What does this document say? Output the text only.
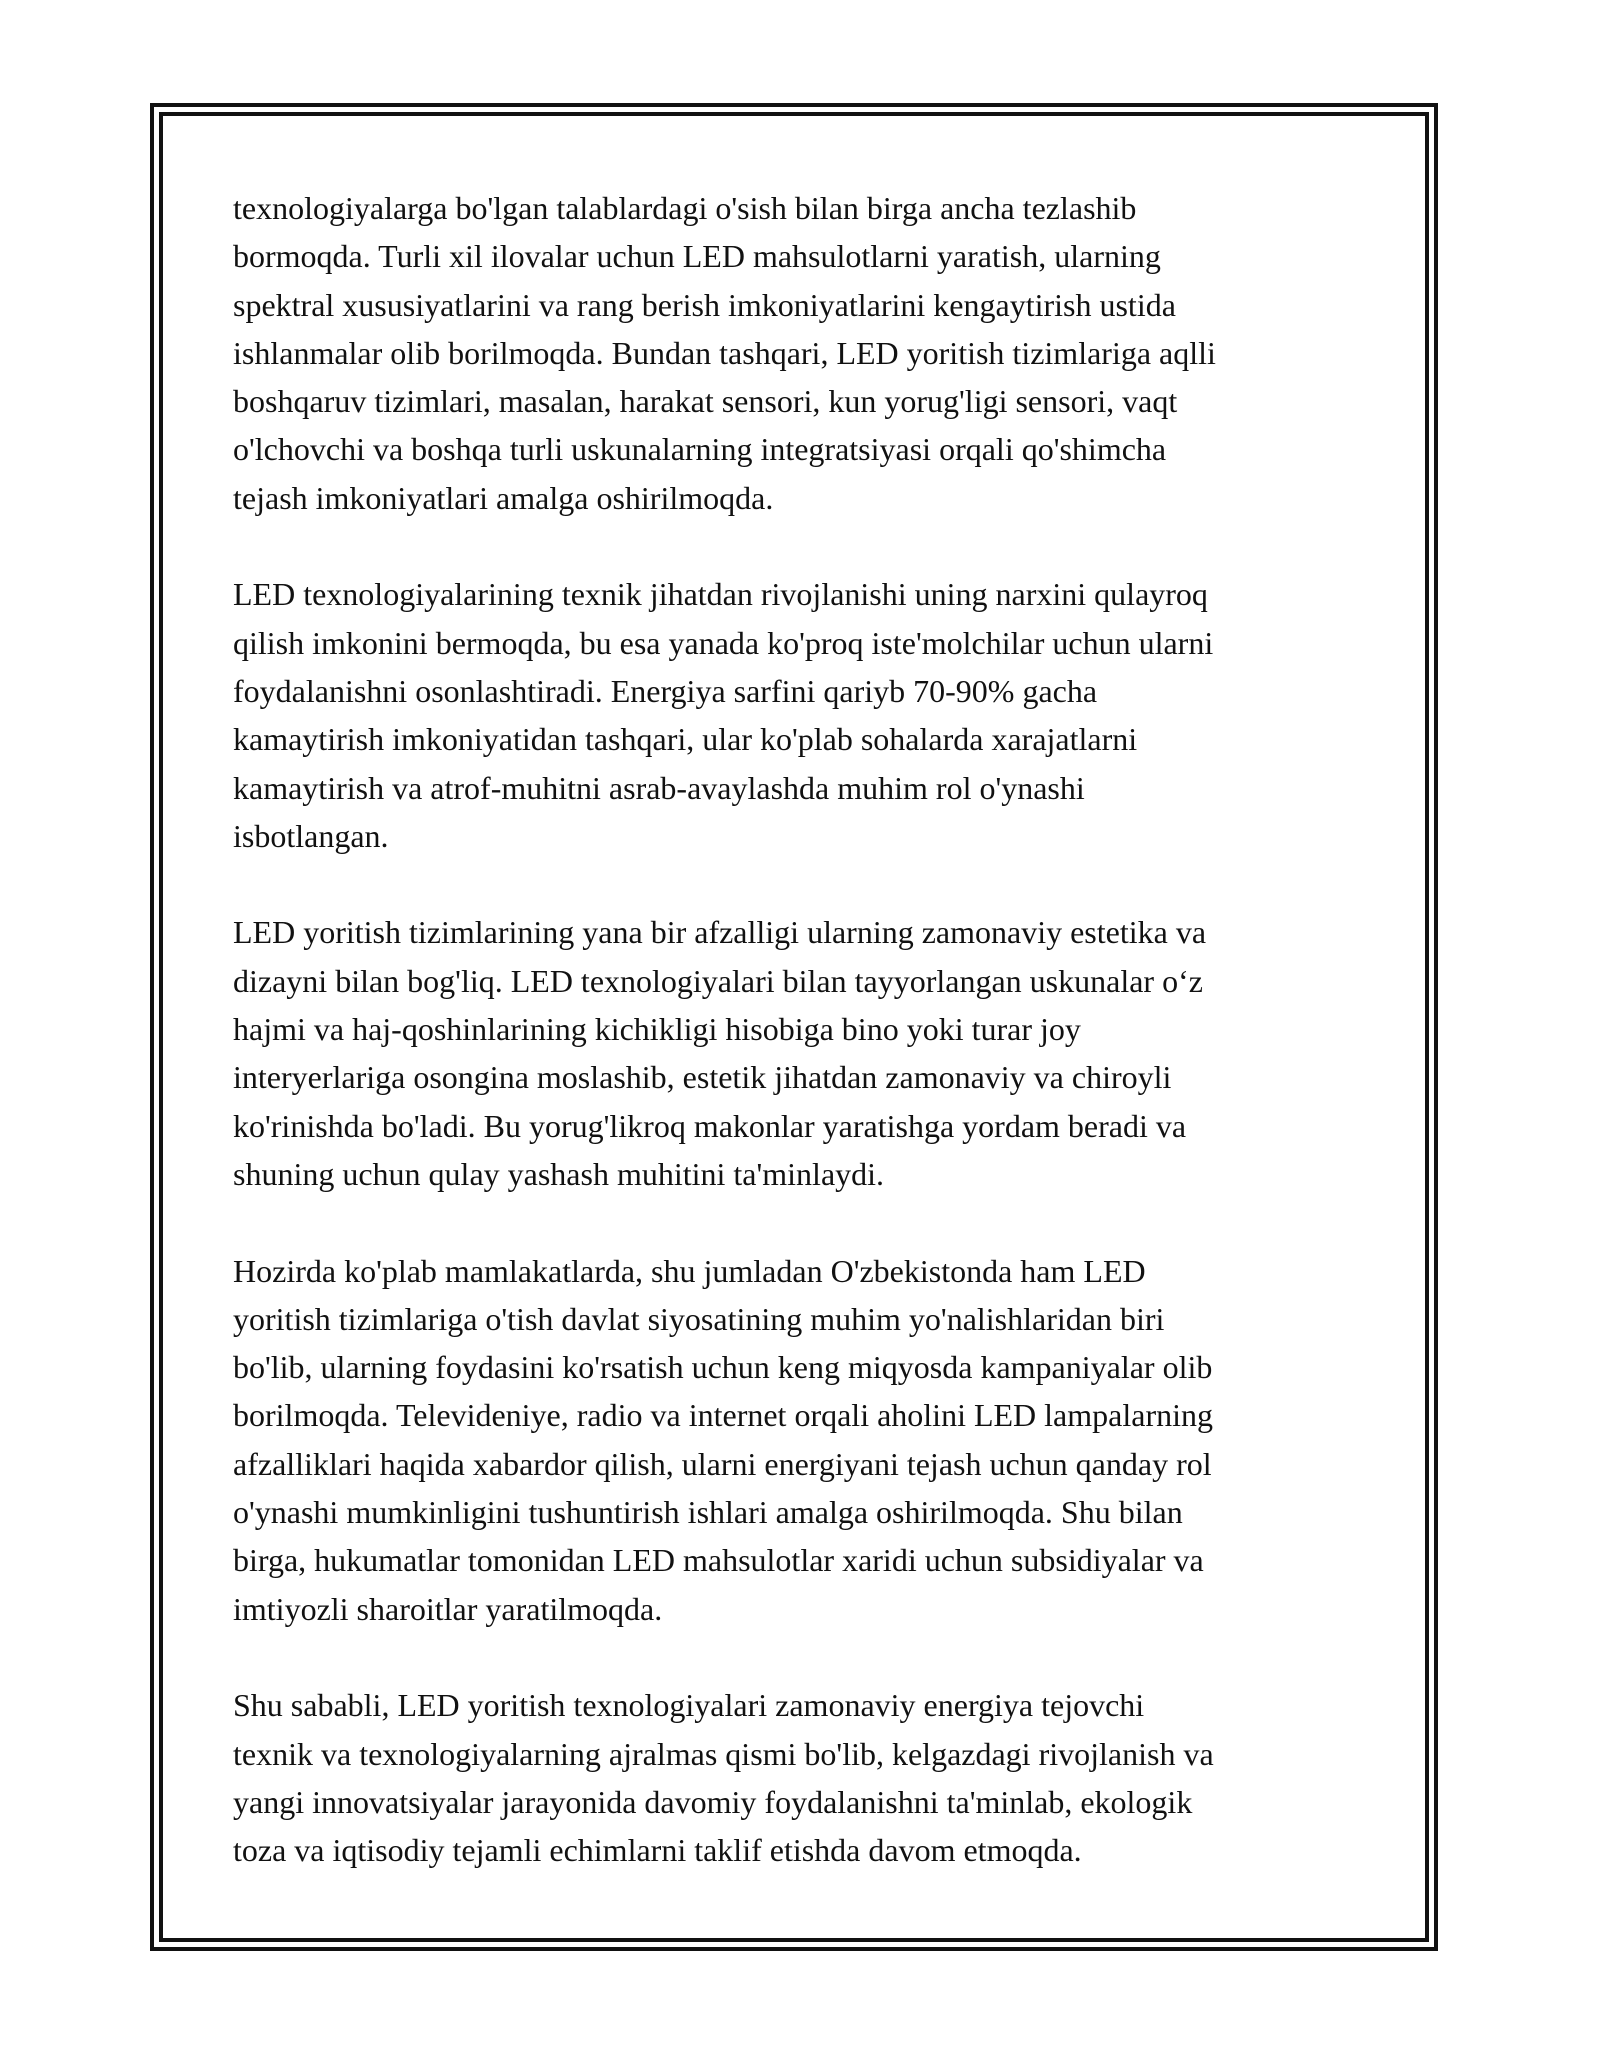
texnologiyalarga bo'lgan talablardagi o'sish bilan birga ancha tezlashib
bormoqda. Turli xil ilovalar uchun LED mahsulotlarni yaratish, ularning
spektral xususiyatlarini va rang berish imkoniyatlarini kengaytirish ustida
ishlanmalar olib borilmoqda. Bundan tashqari, LED yoritish tizimlariga aqlli
boshqaruv tizimlari, masalan, harakat sensori, kun yorug'ligi sensori, vaqt
o'lchovchi va boshqa turli uskunalarning integratsiyasi orqali qo'shimcha
tejash imkoniyatlari amalga oshirilmoqda.

LED texnologiyalarining texnik jihatdan rivojlanishi uning narxini qulayroq
qilish imkonini bermoqda, bu esa yanada ko'proq iste'molchilar uchun ularni
foydalanishni osonlashtiradi. Energiya sarfini qariyb 70-90% gacha
kamaytirish imkoniyatidan tashqari, ular ko'plab sohalarda xarajatlarni
kamaytirish va atrof-muhitni asrab-avaylashda muhim rol o'ynashi
isbotlangan.

LED yoritish tizimlarining yana bir afzalligi ularning zamonaviy estetika va
dizayni bilan bog'liq. LED texnologiyalari bilan tayyorlangan uskunalar o‘z
hajmi va haj-qoshinlarining kichikligi hisobiga bino yoki turar joy
interyerlariga osongina moslashib, estetik jihatdan zamonaviy va chiroyli
ko'rinishda bo'ladi. Bu yorug'likroq makonlar yaratishga yordam beradi va
shuning uchun qulay yashash muhitini ta'minlaydi.

Hozirda ko'plab mamlakatlarda, shu jumladan O'zbekistonda ham LED
yoritish tizimlariga o'tish davlat siyosatining muhim yo'nalishlaridan biri
bo'lib, ularning foydasini ko'rsatish uchun keng miqyosda kampaniyalar olib
borilmoqda. Televideniye, radio va internet orqali aholini LED lampalarning
afzalliklari haqida xabardor qilish, ularni energiyani tejash uchun qanday rol
o'ynashi mumkinligini tushuntirish ishlari amalga oshirilmoqda. Shu bilan
birga, hukumatlar tomonidan LED mahsulotlar xaridi uchun subsidiyalar va
imtiyozli sharoitlar yaratilmoqda.

Shu sababli, LED yoritish texnologiyalari zamonaviy energiya tejovchi
texnik va texnologiyalarning ajralmas qismi bo'lib, kelgazdagi rivojlanish va
yangi innovatsiyalar jarayonida davomiy foydalanishni ta'minlab, ekologik
toza va iqtisodiy tejamli echimlarni taklif etishda davom etmoqda.
